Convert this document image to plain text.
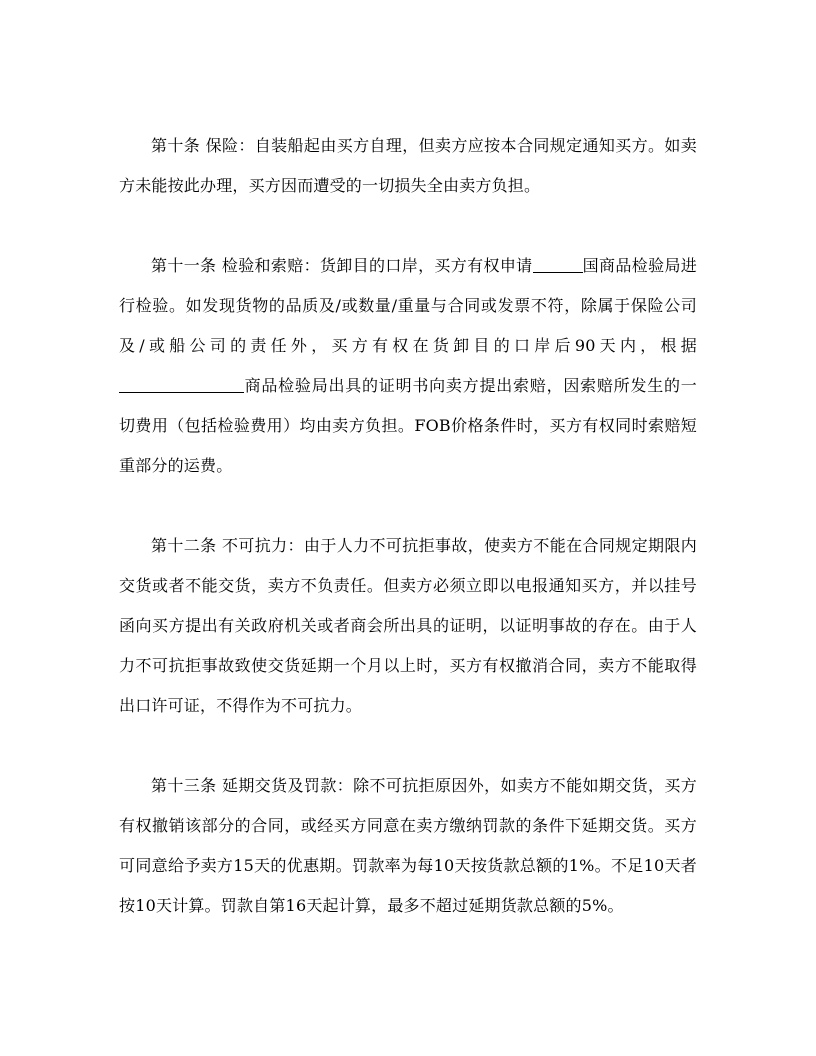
第十条 保险：自装船起由买方自理，但卖方应按本合同规定通知买方。如卖方未能按此办理，买方因而遭受的一切损失全由卖方负担。

第十一条 检验和索赔：货卸目的口岸，买方有权申请	国商品检验局进行检验。如发现货物的品质及/或数量/重量与合同或发票不符，除属于保险公司及/或船公司的责任外，买方有权在货卸目的口岸后90天内，根据商品检验局出具的证明书向卖方提出索赔，因索赔所发生的一切费用（包括检验费用）均由卖方负担。FOB价格条件时，买方有权同时索赔短重部分的运费。

第十二条 不可抗力：由于人力不可抗拒事故，使卖方不能在合同规定期限内交货或者不能交货，卖方不负责任。但卖方必须立即以电报通知买方，并以挂号函向买方提出有关政府机关或者商会所出具的证明，以证明事故的存在。由于人力不可抗拒事故致使交货延期一个月以上时，买方有权撤消合同，卖方不能取得出口许可证，不得作为不可抗力。

第十三条 延期交货及罚款：除不可抗拒原因外，如卖方不能如期交货，买方有权撤销该部分的合同，或经买方同意在卖方缴纳罚款的条件下延期交货。买方可同意给予卖方15天的优惠期。罚款率为每10天按货款总额的1%。不足10天者按10天计算。罚款自第16天起计算，最多不超过延期货款总额的5%。
